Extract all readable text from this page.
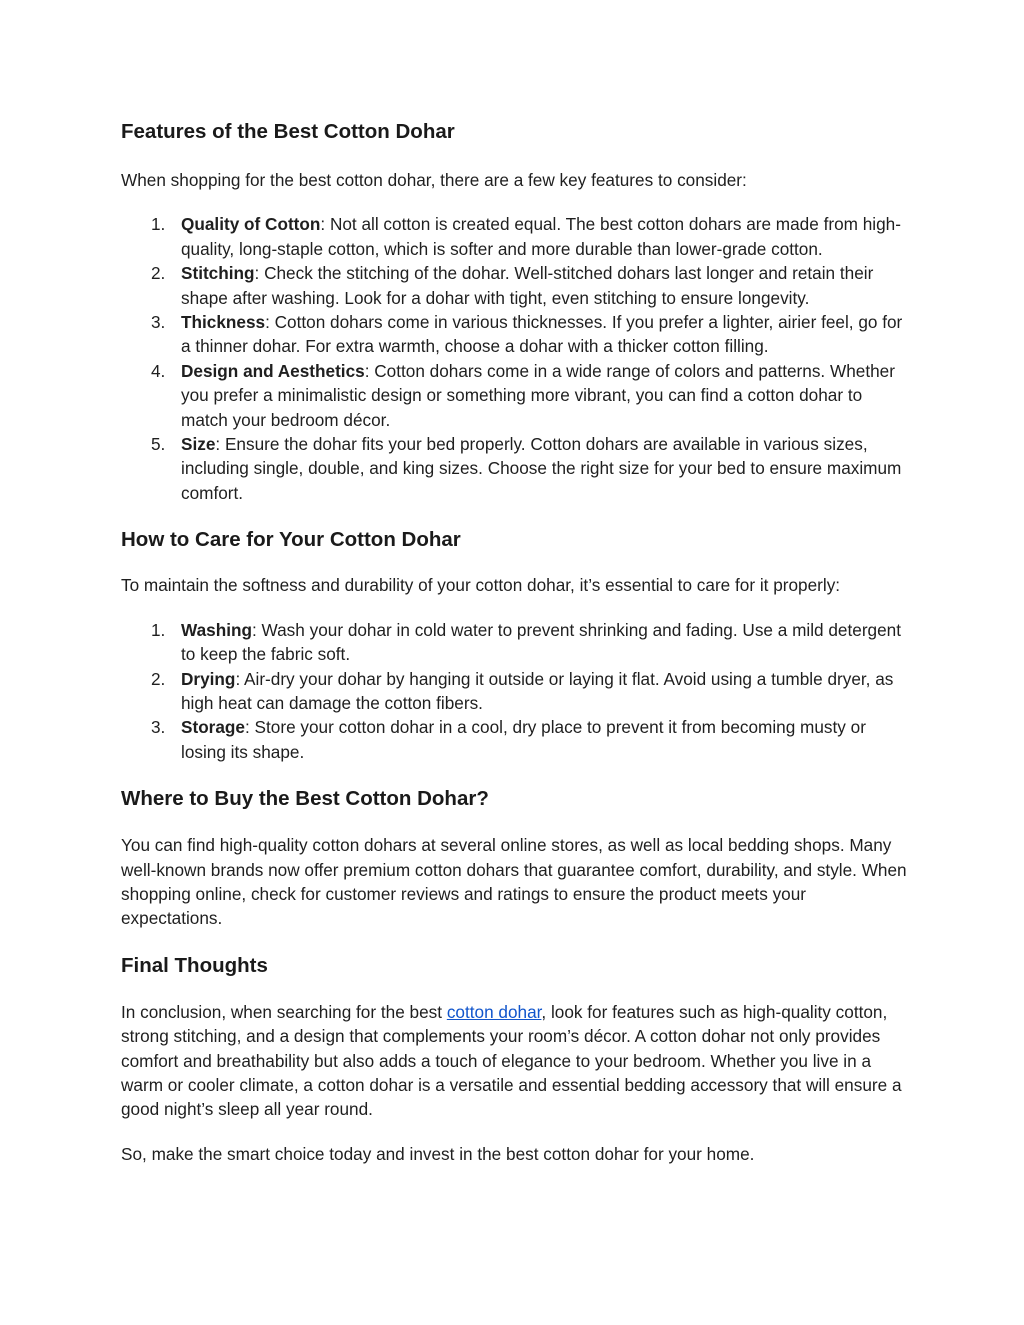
Features of the Best Cotton Dohar

When shopping for the best cotton dohar, there are a few key features to consider:

1. Quality of Cotton: Not all cotton is created equal. The best cotton dohars are made from high-quality, long-staple cotton, which is softer and more durable than lower-grade cotton.
2. Stitching: Check the stitching of the dohar. Well-stitched dohars last longer and retain their shape after washing. Look for a dohar with tight, even stitching to ensure longevity.
3. Thickness: Cotton dohars come in various thicknesses. If you prefer a lighter, airier feel, go for a thinner dohar. For extra warmth, choose a dohar with a thicker cotton filling.
4. Design and Aesthetics: Cotton dohars come in a wide range of colors and patterns. Whether you prefer a minimalistic design or something more vibrant, you can find a cotton dohar to match your bedroom décor.
5. Size: Ensure the dohar fits your bed properly. Cotton dohars are available in various sizes, including single, double, and king sizes. Choose the right size for your bed to ensure maximum comfort.
How to Care for Your Cotton Dohar

To maintain the softness and durability of your cotton dohar, it’s essential to care for it properly:

1. Washing: Wash your dohar in cold water to prevent shrinking and fading. Use a mild detergent to keep the fabric soft.
2. Drying: Air-dry your dohar by hanging it outside or laying it flat. Avoid using a tumble dryer, as high heat can damage the cotton fibers.
3. Storage: Store your cotton dohar in a cool, dry place to prevent it from becoming musty or losing its shape.
Where to Buy the Best Cotton Dohar?

You can find high-quality cotton dohars at several online stores, as well as local bedding shops. Many well-known brands now offer premium cotton dohars that guarantee comfort, durability, and style. When shopping online, check for customer reviews and ratings to ensure the product meets your expectations.

Final Thoughts

In conclusion, when searching for the best cotton dohar, look for features such as high-quality cotton, strong stitching, and a design that complements your room’s décor. A cotton dohar not only provides comfort and breathability but also adds a touch of elegance to your bedroom. Whether you live in a warm or cooler climate, a cotton dohar is a versatile and essential bedding accessory that will ensure a good night’s sleep all year round.

So, make the smart choice today and invest in the best cotton dohar for your home.
